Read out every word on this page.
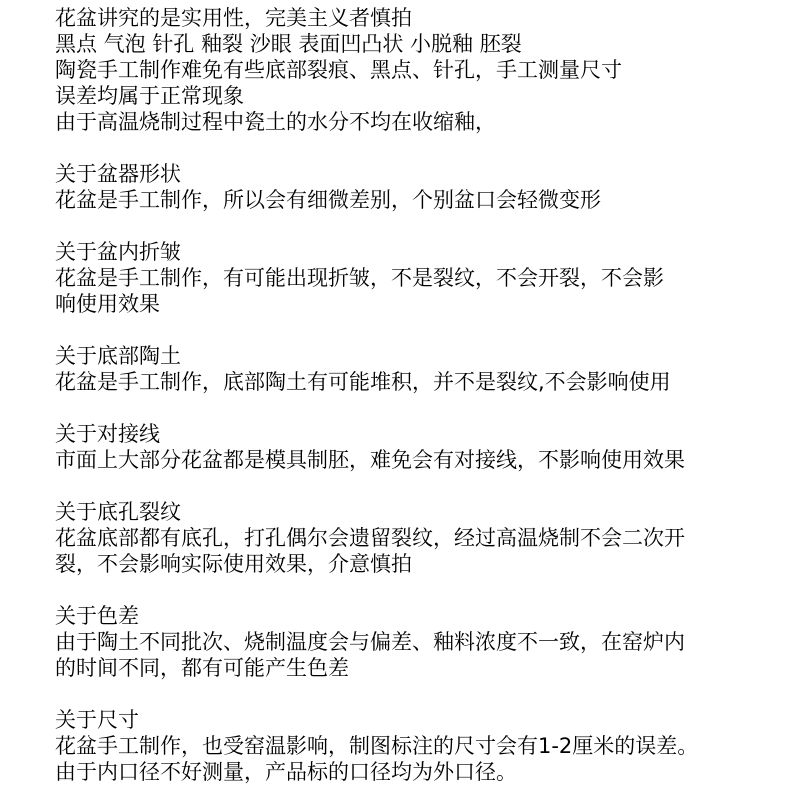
花盆讲究的是实用性，完美主义者慎拍
黑点 气泡 针孔 釉裂 沙眼 表面凹凸状 小脱釉 胚裂
陶瓷手工制作难免有些底部裂痕、黑点、针孔，手工测量尺寸
误差均属于正常现象
由于高温烧制过程中瓷土的水分不均在收缩釉，
关于盆器形状
花盆是手工制作，所以会有细微差别，个别盆口会轻微变形
关于盆内折皱
花盆是手工制作，有可能出现折皱，不是裂纹，不会开裂，不会影
响使用效果
关于底部陶土
花盆是手工制作，底部陶土有可能堆积，并不是裂纹,不会影响使用
关于对接线
市面上大部分花盆都是模具制胚，难免会有对接线，不影响使用效果
关于底孔裂纹
花盆底部都有底孔，打孔偶尔会遗留裂纹，经过高温烧制不会二次开
裂，不会影响实际使用效果，介意慎拍
关于色差
由于陶土不同批次、烧制温度会与偏差、釉料浓度不一致，在窑炉内
的时间不同，都有可能产生色差
关于尺寸
花盆手工制作，也受窑温影响，制图标注的尺寸会有1-2厘米的误差。
由于内口径不好测量，产品标的口径均为外口径。
